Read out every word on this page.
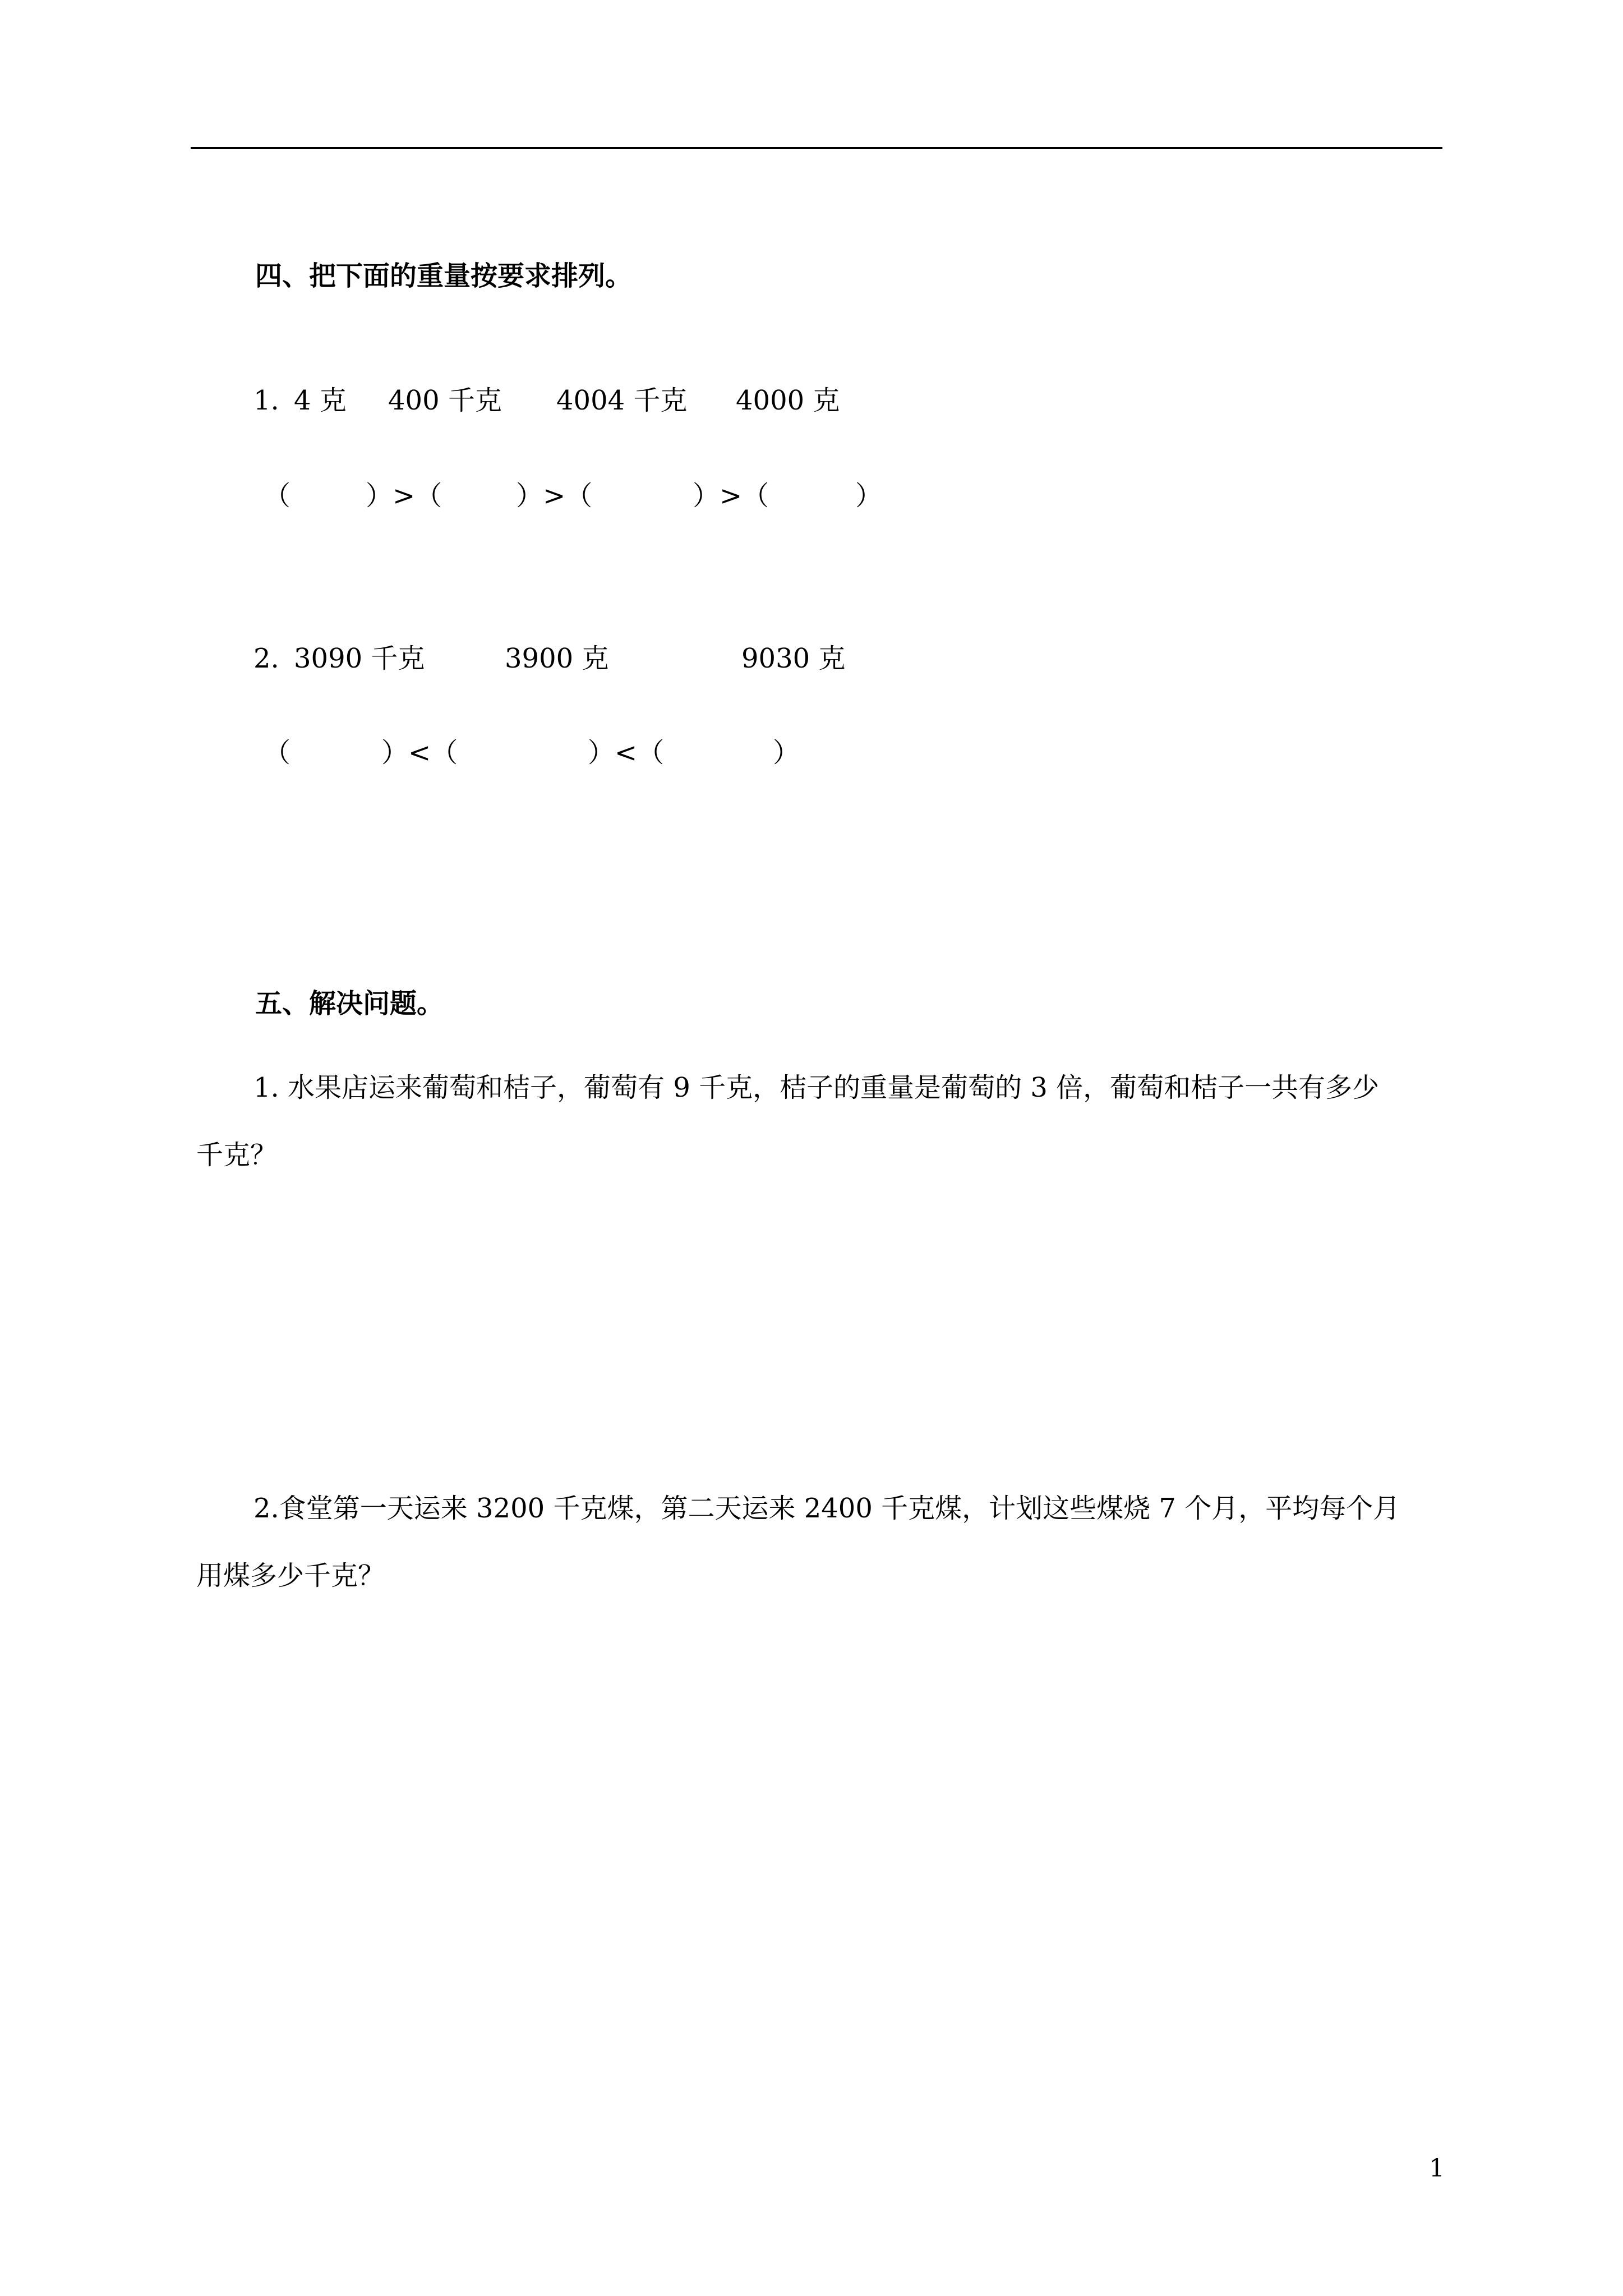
四、把下面的重量按要求排列。

1.

4 克

400 千克

4004 千克

4000 克

（	）>（	）>（	）>（	）

2.

3090 千克

	3900 克

	9030 克

（	）<（	）<（	）
五、解决问题。
1. 水果店运来葡萄和桔子，葡萄有 9 千克，桔子的重量是葡萄的 3 倍，葡萄和桔子一共有多少
千克？
2.食堂第一天运来 3200 千克煤，第二天运来 2400 千克煤，计划这些煤烧 7 个月，平均每个月
用煤多少千克？
1
